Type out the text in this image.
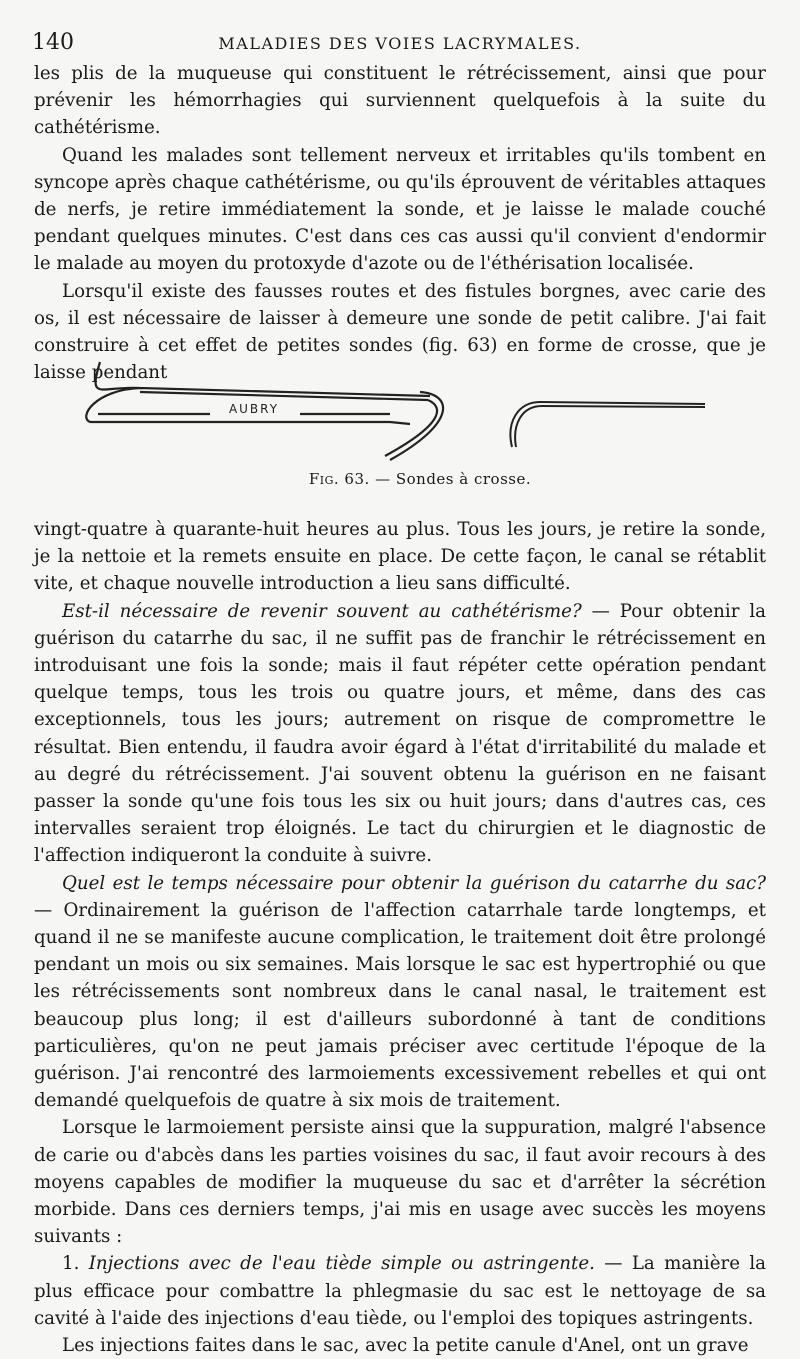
140	MALADIES DES VOIES LACRYMALES.

les plis de la muqueuse qui constituent le rétrécissement, ainsi que pour prévenir les hémorrhagies qui surviennent quelquefois à la suite du cathétérisme.

Quand les malades sont tellement nerveux et irritables qu'ils tombent en syncope après chaque cathétérisme, ou qu'ils éprouvent de véritables attaques de nerfs, je retire immédiatement la sonde, et je laisse le malade couché pendant quelques minutes. C'est dans ces cas aussi qu'il convient d'endormir le malade au moyen du protoxyde d'azote ou de l'éthérisation localisée.

Lorsqu'il existe des fausses routes et des fistules borgnes, avec carie des os, il est nécessaire de laisser à demeure une sonde de petit calibre. J'ai fait construire à cet effet de petites sondes (fig. 63) en forme de crosse, que je laisse pendant

AUBRY
Fig. 63. — Sondes à crosse.

vingt-quatre à quarante-huit heures au plus. Tous les jours, je retire la sonde, je la nettoie et la remets ensuite en place. De cette façon, le canal se rétablit vite, et chaque nouvelle introduction a lieu sans difficulté.

Est-il nécessaire de revenir souvent au cathétérisme? — Pour obtenir la guérison du catarrhe du sac, il ne suffit pas de franchir le rétrécissement en introduisant une fois la sonde; mais il faut répéter cette opération pendant quelque temps, tous les trois ou quatre jours, et même, dans des cas exceptionnels, tous les jours; autrement on risque de compromettre le résultat. Bien entendu, il faudra avoir égard à l'état d'irritabilité du malade et au degré du rétrécissement. J'ai souvent obtenu la guérison en ne faisant passer la sonde qu'une fois tous les six ou huit jours; dans d'autres cas, ces intervalles seraient trop éloignés. Le tact du chirurgien et le diagnostic de l'affection indiqueront la conduite à suivre.

Quel est le temps nécessaire pour obtenir la guérison du catarrhe du sac? — Ordinairement la guérison de l'affection catarrhale tarde longtemps, et quand il ne se manifeste aucune complication, le traitement doit être prolongé pendant un mois ou six semaines. Mais lorsque le sac est hypertrophié ou que les rétrécissements sont nombreux dans le canal nasal, le traitement est beaucoup plus long; il est d'ailleurs subordonné à tant de conditions particulières, qu'on ne peut jamais préciser avec certitude l'époque de la guérison. J'ai rencontré des larmoiements excessivement rebelles et qui ont demandé quelquefois de quatre à six mois de traitement.

Lorsque le larmoiement persiste ainsi que la suppuration, malgré l'absence de carie ou d'abcès dans les parties voisines du sac, il faut avoir recours à des moyens capables de modifier la muqueuse du sac et d'arrêter la sécrétion morbide. Dans ces derniers temps, j'ai mis en usage avec succès les moyens suivants :

1. Injections avec de l'eau tiède simple ou astringente. — La manière la plus efficace pour combattre la phlegmasie du sac est le nettoyage de sa cavité à l'aide des injections d'eau tiède, ou l'emploi des topiques astringents.

Les injections faites dans le sac, avec la petite canule d'Anel, ont un grave
